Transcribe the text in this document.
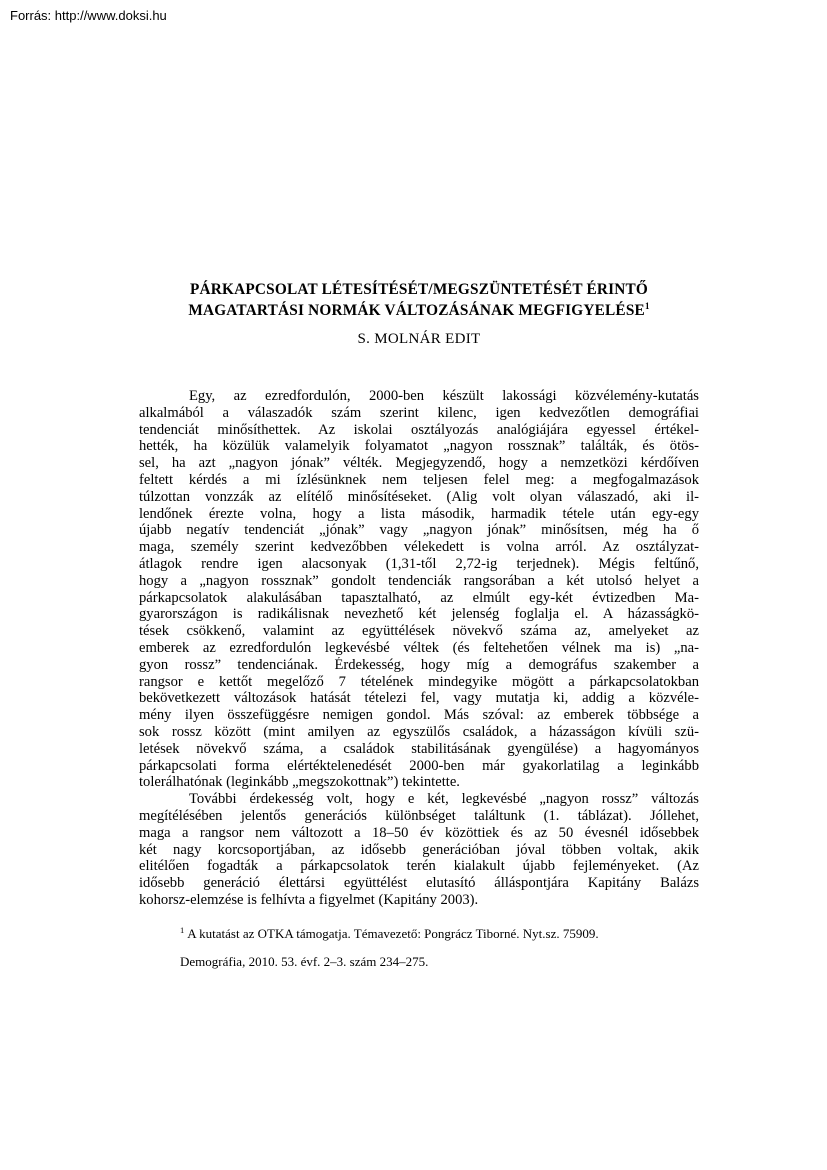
Forrás: http://www.doksi.hu
PÁRKAPCSOLAT LÉTESÍTÉSÉT/MEGSZÜNTETÉSÉT ÉRINTŐ
MAGATARTÁSI NORMÁK VÁLTOZÁSÁNAK MEGFIGYELÉSE$^1$
S. MOLNÁR EDIT
Egy, az ezredfordulón, 2000-ben készült lakossági közvélemény-kutatás
alkalmából a válaszadók szám szerint kilenc, igen kedvezőtlen demográfiai
tendenciát minősíthettek. Az iskolai osztályozás analógiájára egyessel értékel-
hették, ha közülük valamelyik folyamatot „nagyon rossznak” találták, és ötös-
sel, ha azt „nagyon jónak” vélték. Megjegyzendő, hogy a nemzetközi kérdőíven
feltett kérdés a mi ízlésünknek nem teljesen felel meg: a megfogalmazások
túlzottan vonzzák az elítélő minősítéseket. (Alig volt olyan válaszadó, aki il-
lendőnek érezte volna, hogy a lista második, harmadik tétele után egy-egy
újabb negatív tendenciát „jónak” vagy „nagyon jónak” minősítsen, még ha ő
maga, személy szerint kedvezőbben vélekedett is volna arról. Az osztályzat-
átlagok rendre igen alacsonyak (1,31-től 2,72-ig terjednek). Mégis feltűnő,
hogy a „nagyon rossznak” gondolt tendenciák rangsorában a két utolsó helyet a
párkapcsolatok alakulásában tapasztalható, az elmúlt egy-két évtizedben Ma-
gyarországon is radikálisnak nevezhető két jelenség foglalja el. A házasságkö-
tések csökkenő, valamint az együttélések növekvő száma az, amelyeket az
emberek az ezredfordulón legkevésbé véltek (és feltehetően vélnek ma is) „na-
gyon rossz” tendenciának. Érdekesség, hogy míg a demográfus szakember a
rangsor e kettőt megelőző 7 tételének mindegyike mögött a párkapcsolatokban
bekövetkezett változások hatását tételezi fel, vagy mutatja ki, addig a közvéle-
mény ilyen összefüggésre nemigen gondol. Más szóval: az emberek többsége a
sok rossz között (mint amilyen az egyszülős családok, a házasságon kívüli szü-
letések növekvő száma, a családok stabilitásának gyengülése) a hagyományos
párkapcsolati forma elértéktelenedését 2000-ben már gyakorlatilag a leginkább
tolerálhatónak (leginkább „megszokottnak”) tekintette.
További érdekesség volt, hogy e két, legkevésbé „nagyon rossz” változás
megítélésében jelentős generációs különbséget találtunk (1. táblázat). Jóllehet,
maga a rangsor nem változott a 18–50 év közöttiek és az 50 évesnél idősebbek
két nagy korcsoportjában, az idősebb generációban jóval többen voltak, akik
elitélően fogadták a párkapcsolatok terén kialakult újabb fejleményeket. (Az
idősebb generáció élettársi együttélést elutasító álláspontjára Kapitány Balázs
kohorsz-elemzése is felhívta a figyelmet (Kapitány 2003).
$^1$ A kutatást az OTKA támogatja. Témavezető: Pongrácz Tiborné. Nyt.sz. 75909.
Demográfia, 2010. 53. évf. 2–3. szám 234–275.
